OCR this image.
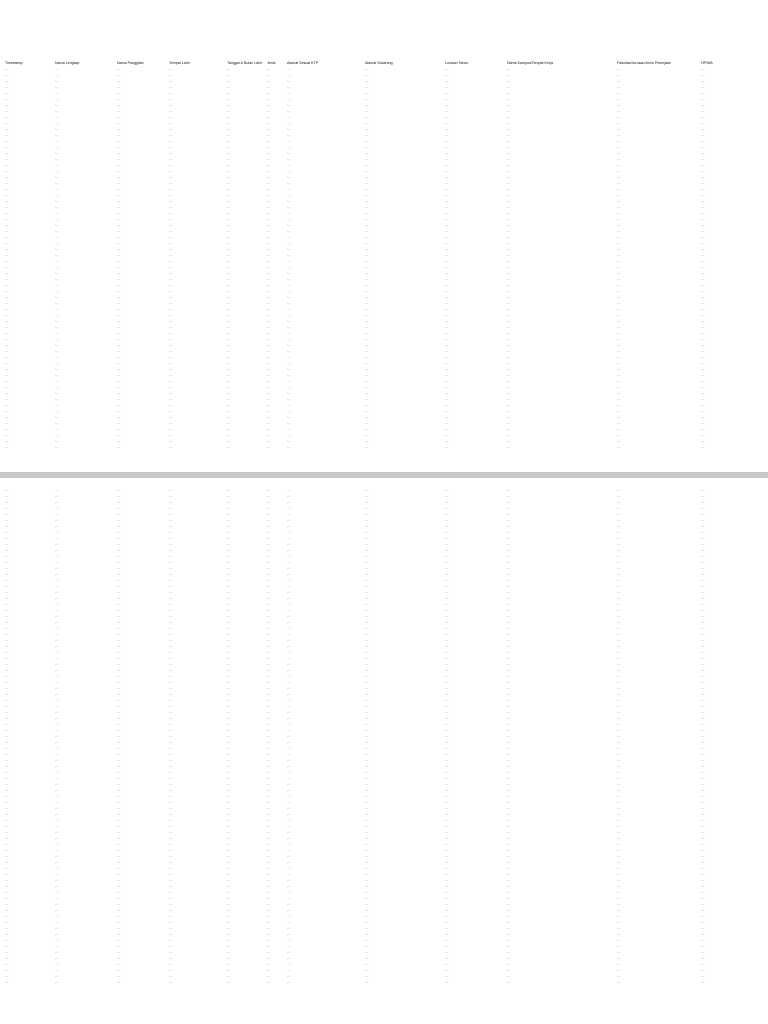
Timestamp	Nama Lengkap	Nama Panggilan	Tempat Lahir	Tanggal & Bulan Lahir	Jenis	Alamat Sesuai KTP	Alamat Sekarang	Lulusan Tahun	Nama Kampus/Tempat Kerja	Fakultas/Jurusan/Jenis Pekerjaan	HP/WA
…	…	…	…	…	…	…	…	…	…	…	…
…	…	…	…	…	…	…	…	…	…	…	…
…	…	…	…	…	…	…	…	…	…	…	…
…	…	…	…	…	…	…	…	…	…	…	…
…	…	…	…	…	…	…	…	…	…	…	…
…	…	…	…	…	…	…	…	…	…	…	…
…	…	…	…	…	…	…	…	…	…	…	…
…	…	…	…	…	…	…	…	…	…	…	…
…	…	…	…	…	…	…	…	…	…	…	…
…	…	…	…	…	…	…	…	…	…	…	…
…	…	…	…	…	…	…	…	…	…	…	…
…	…	…	…	…	…	…	…	…	…	…	…
…	…	…	…	…	…	…	…	…	…	…	…
…	…	…	…	…	…	…	…	…	…	…	…
…	…	…	…	…	…	…	…	…	…	…	…
…	…	…	…	…	…	…	…	…	…	…	…
…	…	…	…	…	…	…	…	…	…	…	…
…	…	…	…	…	…	…	…	…	…	…	…
…	…	…	…	…	…	…	…	…	…	…	…
…	…	…	…	…	…	…	…	…	…	…	…
…	…	…	…	…	…	…	…	…	…	…	…
…	…	…	…	…	…	…	…	…	…	…	…
…	…	…	…	…	…	…	…	…	…	…	…
…	…	…	…	…	…	…	…	…	…	…	…
…	…	…	…	…	…	…	…	…	…	…	…
…	…	…	…	…	…	…	…	…	…	…	…
…	…	…	…	…	…	…	…	…	…	…	…
…	…	…	…	…	…	…	…	…	…	…	…
…	…	…	…	…	…	…	…	…	…	…	…
…	…	…	…	…	…	…	…	…	…	…	…
…	…	…	…	…	…	…	…	…	…	…	…
…	…	…	…	…	…	…	…	…	…	…	…
…	…	…	…	…	…	…	…	…	…	…	…
…	…	…	…	…	…	…	…	…	…	…	…
…	…	…	…	…	…	…	…	…	…	…	…
…	…	…	…	…	…	…	…	…	…	…	…
…	…	…	…	…	…	…	…	…	…	…	…
…	…	…	…	…	…	…	…	…	…	…	…
…	…	…	…	…	…	…	…	…	…	…	…
…	…	…	…	…	…	…	…	…	…	…	…
…	…	…	…	…	…	…	…	…	…	…	…
…	…	…	…	…	…	…	…	…	…	…	…
…	…	…	…	…	…	…	…	…	…	…	…
…	…	…	…	…	…	…	…	…	…	…	…
…	…	…	…	…	…	…	…	…	…	…	…
…	…	…	…	…	…	…	…	…	…	…	…
…	…	…	…	…	…	…	…	…	…	…	…
…	…	…	…	…	…	…	…	…	…	…	…
…	…	…	…	…	…	…	…	…	…	…	…
…	…	…	…	…	…	…	…	…	…	…	…
…	…	…	…	…	…	…	…	…	…	…	…
…	…	…	…	…	…	…	…	…	…	…	…
…	…	…	…	…	…	…	…	…	…	…	…
…	…	…	…	…	…	…	…	…	…	…	…
…	…	…	…	…	…	…	…	…	…	…	…
…	…	…	…	…	…	…	…	…	…	…	…
…	…	…	…	…	…	…	…	…	…	…	…
…	…	…	…	…	…	…	…	…	…	…	…
…	…	…	…	…	…	…	…	…	…	…	…
…	…	…	…	…	…	…	…	…	…	…	…
…	…	…	…	…	…	…	…	…	…	…	…
…	…	…	…	…	…	…	…	…	…	…	…
…	…	…	…	…	…	…	…	…	…	…	…
…	…	…	…	…	…	…	…	…	…	…	…
…	…	…	…	…	…	…	…	…	…	…	…
…	…	…	…	…	…	…	…	…	…	…	…
…	…	…	…	…	…	…	…	…	…	…	…
…	…	…	…	…	…	…	…	…	…	…	…
…	…	…	…	…	…	…	…	…	…	…	…
…	…	…	…	…	…	…	…	…	…	…	…
…	…	…	…	…	…	…	…	…	…	…	…
…	…	…	…	…	…	…	…	…	…	…	…
…	…	…	…	…	…	…	…	…	…	…	…
…	…	…	…	…	…	…	…	…	…	…	…
…	…	…	…	…	…	…	…	…	…	…	…
…	…	…	…	…	…	…	…	…	…	…	…
…	…	…	…	…	…	…	…	…	…	…	…
…	…	…	…	…	…	…	…	…	…	…	…
…	…	…	…	…	…	…	…	…	…	…	…
…	…	…	…	…	…	…	…	…	…	…	…
…	…	…	…	…	…	…	…	…	…	…	…
…	…	…	…	…	…	…	…	…	…	…	…
…	…	…	…	…	…	…	…	…	…	…	…
…	…	…	…	…	…	…	…	…	…	…	…
…	…	…	…	…	…	…	…	…	…	…	…
…	…	…	…	…	…	…	…	…	…	…	…
…	…	…	…	…	…	…	…	…	…	…	…
…	…	…	…	…	…	…	…	…	…	…	…
…	…	…	…	…	…	…	…	…	…	…	…
…	…	…	…	…	…	…	…	…	…	…	…
…	…	…	…	…	…	…	…	…	…	…	…
…	…	…	…	…	…	…	…	…	…	…	…
…	…	…	…	…	…	…	…	…	…	…	…
…	…	…	…	…	…	…	…	…	…	…	…
…	…	…	…	…	…	…	…	…	…	…	…
…	…	…	…	…	…	…	…	…	…	…	…
…	…	…	…	…	…	…	…	…	…	…	…
…	…	…	…	…	…	…	…	…	…	…	…
…	…	…	…	…	…	…	…	…	…	…	…
…	…	…	…	…	…	…	…	…	…	…	…
…	…	…	…	…	…	…	…	…	…	…	…
…	…	…	…	…	…	…	…	…	…	…	…
…	…	…	…	…	…	…	…	…	…	…	…
…	…	…	…	…	…	…	…	…	…	…	…
…	…	…	…	…	…	…	…	…	…	…	…
…	…	…	…	…	…	…	…	…	…	…	…
…	…	…	…	…	…	…	…	…	…	…	…
…	…	…	…	…	…	…	…	…	…	…	…
…	…	…	…	…	…	…	…	…	…	…	…
…	…	…	…	…	…	…	…	…	…	…	…
…	…	…	…	…	…	…	…	…	…	…	…
…	…	…	…	…	…	…	…	…	…	…	…
…	…	…	…	…	…	…	…	…	…	…	…
…	…	…	…	…	…	…	…	…	…	…	…
…	…	…	…	…	…	…	…	…	…	…	…
…	…	…	…	…	…	…	…	…	…	…	…
…	…	…	…	…	…	…	…	…	…	…	…
…	…	…	…	…	…	…	…	…	…	…	…
…	…	…	…	…	…	…	…	…	…	…	…
…	…	…	…	…	…	…	…	…	…	…	…
…	…	…	…	…	…	…	…	…	…	…	…
…	…	…	…	…	…	…	…	…	…	…	…
…	…	…	…	…	…	…	…	…	…	…	…
…	…	…	…	…	…	…	…	…	…	…	…
…	…	…	…	…	…	…	…	…	…	…	…
…	…	…	…	…	…	…	…	…	…	…	…
…	…	…	…	…	…	…	…	…	…	…	…
…	…	…	…	…	…	…	…	…	…	…	…
…	…	…	…	…	…	…	…	…	…	…	…
…	…	…	…	…	…	…	…	…	…	…	…
…	…	…	…	…	…	…	…	…	…	…	…
…	…	…	…	…	…	…	…	…	…	…	…
…	…	…	…	…	…	…	…	…	…	…	…
…	…	…	…	…	…	…	…	…	…	…	…
…	…	…	…	…	…	…	…	…	…	…	…
…	…	…	…	…	…	…	…	…	…	…	…
…	…	…	…	…	…	…	…	…	…	…	…
…	…	…	…	…	…	…	…	…	…	…	…
…	…	…	…	…	…	…	…	…	…	…	…
…	…	…	…	…	…	…	…	…	…	…	…
…	…	…	…	…	…	…	…	…	…	…	…
…	…	…	…	…	…	…	…	…	…	…	…
…	…	…	…	…	…	…	…	…	…	…	…
…	…	…	…	…	…	…	…	…	…	…	…
…	…	…	…	…	…	…	…	…	…	…	…
…	…	…	…	…	…	…	…	…	…	…	…
…	…	…	…	…	…	…	…	…	…	…	…
